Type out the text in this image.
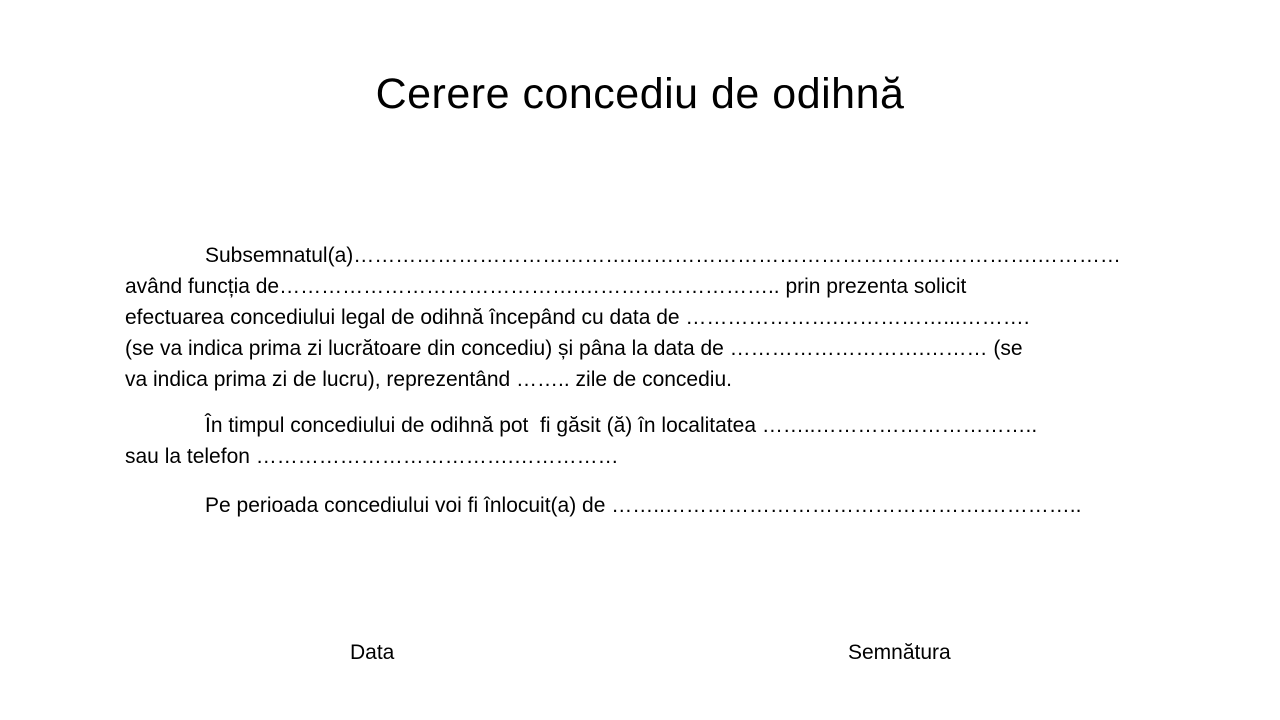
Cerere concediu de odihnă
Subsemnatul(a)………………………………….………………………………………………….…………
având funcția de…………………………………….……………………….. prin prezenta solicit
efectuarea concediului legal de odihnă începând cu data de ………………….……………...……….
(se va indica prima zi lucrătoare din concediu) și pâna la data de ……………………….……… (se
va indica prima zi de lucru), reprezentând …….. zile de concediu.
În timpul concediului de odihnă pot  fi găsit (ă) în localitatea ……..…………………………..
sau la telefon ……………………………….……………
Pe perioada concediului voi fi înlocuit(a) de ……..……………………………………….…………..
Data	Semnătura
